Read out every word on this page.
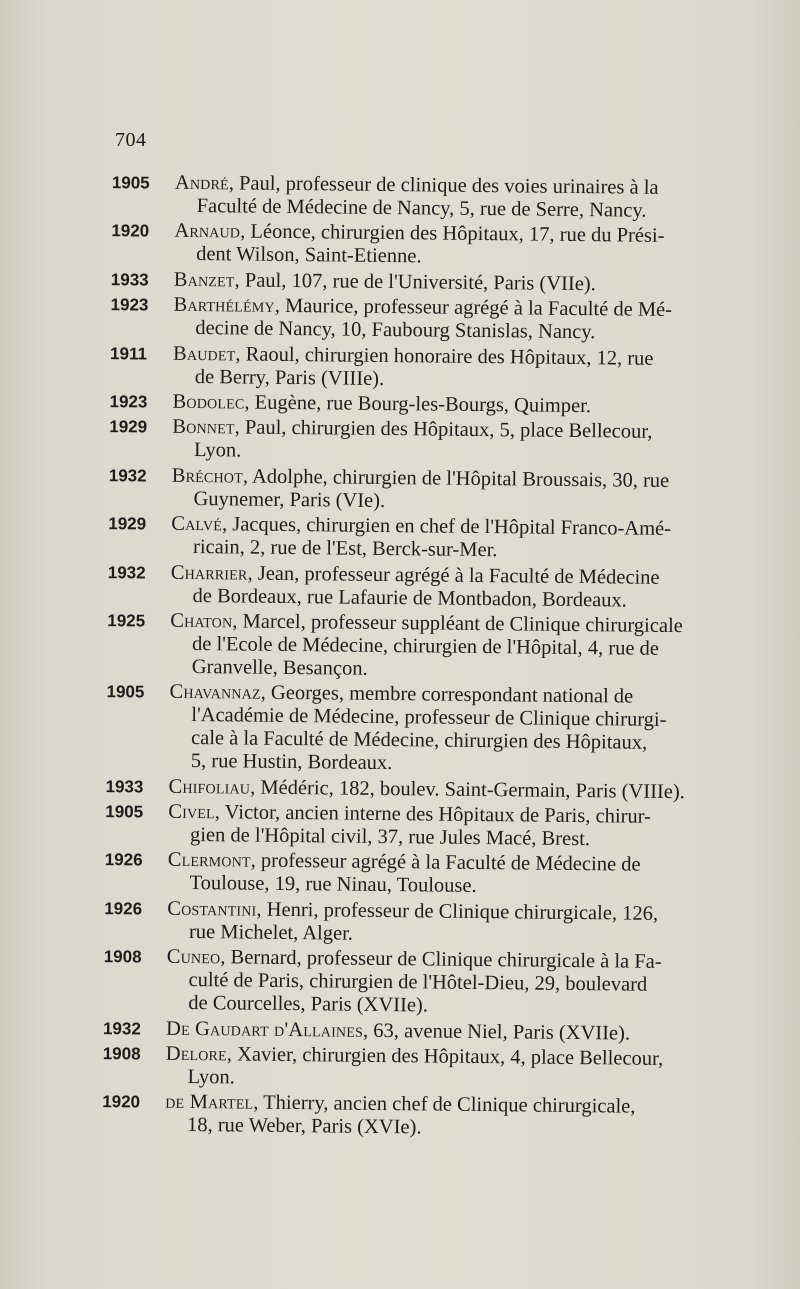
704
1905 André, Paul, professeur de clinique des voies urinaires à la
Faculté de Médecine de Nancy, 5, rue de Serre, Nancy.
1920 Arnaud, Léonce, chirurgien des Hôpitaux, 17, rue du Prési-
dent Wilson, Saint-Etienne.
1933 Banzet, Paul, 107, rue de l'Université, Paris (VIIe).
1923 Barthélémy, Maurice, professeur agrégé à la Faculté de Mé-
decine de Nancy, 10, Faubourg Stanislas, Nancy.
1911 Baudet, Raoul, chirurgien honoraire des Hôpitaux, 12, rue
de Berry, Paris (VIIIe).
1923 Bodolec, Eugène, rue Bourg-les-Bourgs, Quimper.
1929 Bonnet, Paul, chirurgien des Hôpitaux, 5, place Bellecour,
Lyon.
1932 Bréchot, Adolphe, chirurgien de l'Hôpital Broussais, 30, rue
Guynemer, Paris (VIe).
1929 Calvé, Jacques, chirurgien en chef de l'Hôpital Franco-Amé-
ricain, 2, rue de l'Est, Berck-sur-Mer.
1932 Charrier, Jean, professeur agrégé à la Faculté de Médecine
de Bordeaux, rue Lafaurie de Montbadon, Bordeaux.
1925 Chaton, Marcel, professeur suppléant de Clinique chirurgicale
de l'Ecole de Médecine, chirurgien de l'Hôpital, 4, rue de
Granvelle, Besançon.
1905 Chavannaz, Georges, membre correspondant national de
l'Académie de Médecine, professeur de Clinique chirurgi-
cale à la Faculté de Médecine, chirurgien des Hôpitaux,
5, rue Hustin, Bordeaux.
1933 Chifoliau, Médéric, 182, boulev. Saint-Germain, Paris (VIIIe).
1905 Civel, Victor, ancien interne des Hôpitaux de Paris, chirur-
gien de l'Hôpital civil, 37, rue Jules Macé, Brest.
1926 Clermont, professeur agrégé à la Faculté de Médecine de
Toulouse, 19, rue Ninau, Toulouse.
1926 Costantini, Henri, professeur de Clinique chirurgicale, 126,
rue Michelet, Alger.
1908 Cuneo, Bernard, professeur de Clinique chirurgicale à la Fa-
culté de Paris, chirurgien de l'Hôtel-Dieu, 29, boulevard
de Courcelles, Paris (XVIIe).
1932 De Gaudart d'Allaines, 63, avenue Niel, Paris (XVIIe).
1908 Delore, Xavier, chirurgien des Hôpitaux, 4, place Bellecour,
Lyon.
1920 de Martel, Thierry, ancien chef de Clinique chirurgicale,
18, rue Weber, Paris (XVIe).
